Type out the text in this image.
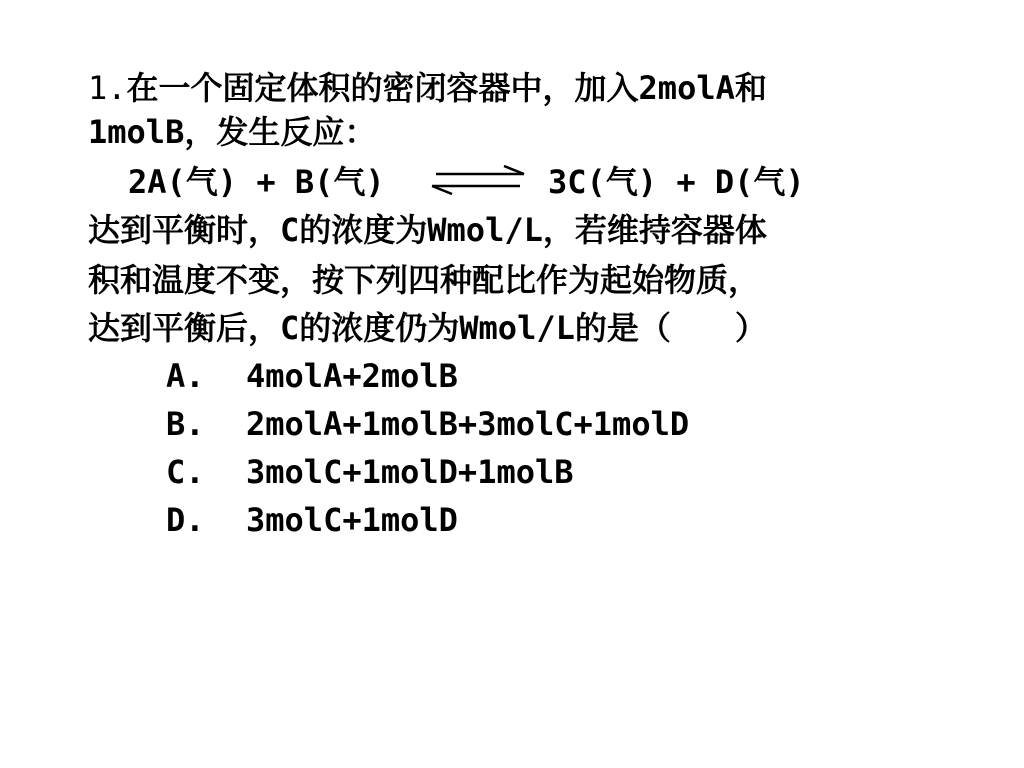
1.在一个固定体积的密闭容器中，加入2molA和
1molB，发生反应：

2A(气) + B(气)

⇌
3C(气) + D(气)

达到平衡时，C的浓度为Wmol/L，若维持容器体
积和温度不变，按下列四种配比作为起始物质，
达到平衡后，C的浓度仍为Wmol/L的是（　　）
A. 4molA+2molB
B. 2molA+1molB+3molC+1molD
C. 3molC+1molD+1molB
D. 3molC+1molD
